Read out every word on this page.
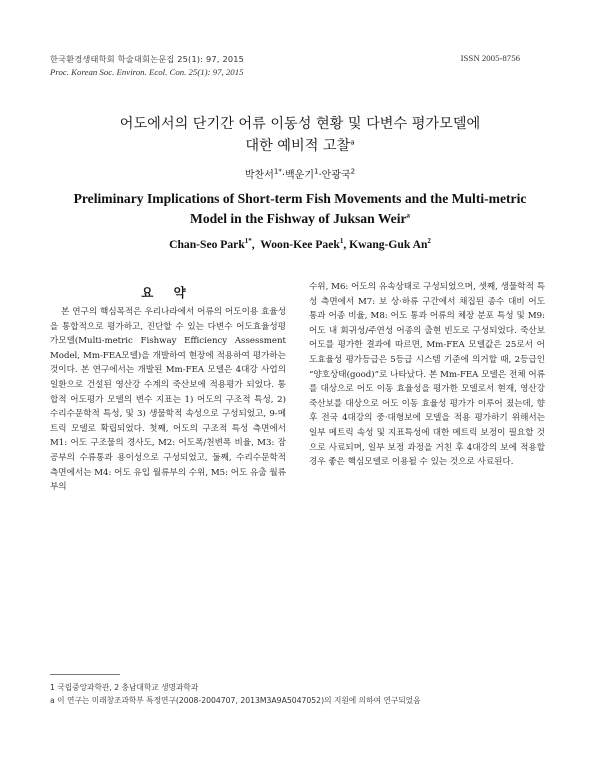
한국환경생태학회 학술대회논문집 25(1): 97, 2015
Proc. Korean Soc. Environ. Ecol. Con. 25(1): 97, 2015
ISSN 2005-8756
어도에서의 단기간 어류 이동성 현황 및 다변수 평가모델에
대한 예비적 고찰$^a$
박찬서$^{1*}$·백운기$^1$·안광국$^2$
Preliminary Implications of Short-term Fish Movements and the Multi-metric Model in the Fishway of Juksan Weir$^a$
Chan-Seo Park$^{1*}$,  Woon-Kee Paek$^1$, Kwang-Guk An$^2$
요 약

본 연구의 핵심목적은 우리나라에서 어류의 어도이용 효율성을 통합적으로 평가하고, 진단할 수 있는 다변수 어도효율성평가모델(Multi-metric Fishway Efficiency Assessment Model, Mm-FEA모델)을 개발하여 현장에 적용하여 평가하는 것이다. 본 연구에서는 개발된 Mm-FEA 모델은 4대강 사업의 일환으로 건설된 영산강 수계의 죽산보에 적용평가 되었다. 통합적 어도평가 모델의 변수 지표는 1) 어도의 구조적 특성, 2) 수리수문학적 특성, 및 3) 생물학적 속성으로 구성되었고, 9-메트릭 모델로 확립되었다. 첫째, 어도의 구조적 특성 측면에서 M1: 어도 구조물의 경사도, M2: 어도폭/천변폭 비율, M3: 잠공부의 수류통과 용이성으로 구성되었고, 둘째, 수리수문학적 측면에서는 M4: 어도 유입 월류부의 수위, M5: 어도 유출 월류부의

수위, M6: 어도의 유속상태로 구성되었으며, 셋째, 생물학적 특성 측면에서 M7: 보 상·하류 구간에서 채집된 종수 대비 어도 통과 어종 비율, M8: 어도 통과 어류의 체장 분포 특성 및 M9: 어도 내 회귀성/주연성 어종의 출현 빈도로 구성되었다. 죽산보 어도를 평가한 결과에 따르면, Mm-FEA 모델값은 25로서 어도효율성 평가등급은 5등급 시스템 기준에 의거할 때, 2등급인 “양호상태(good)”로 나타났다. 본 Mm-FEA 모델은 전체 어류를 대상으로 어도 이동 효율성을 평가한 모델로서 현재, 영산강 죽산보를 대상으로 어도 이동 효율성 평가가 이루어 졌는데, 향후 전국 4대강의 중·대형보에 모델을 적용 평가하기 위해서는 일부 메트릭 속성 및 지표특성에 대한 메트릭 보정이 필요할 것으로 사료되며, 일부 보정 과정을 거친 후 4대강의 보에 적용할 경우 좋은 핵심모델로 이용될 수 있는 것으로 사료된다.

1 국립중앙과학관, 2 충남대학교 생명과학과
a 이 연구는 미래창조과학부 특정연구(2008-2004707, 2013M3A9A5047052)의 지원에 의하여 연구되었음
